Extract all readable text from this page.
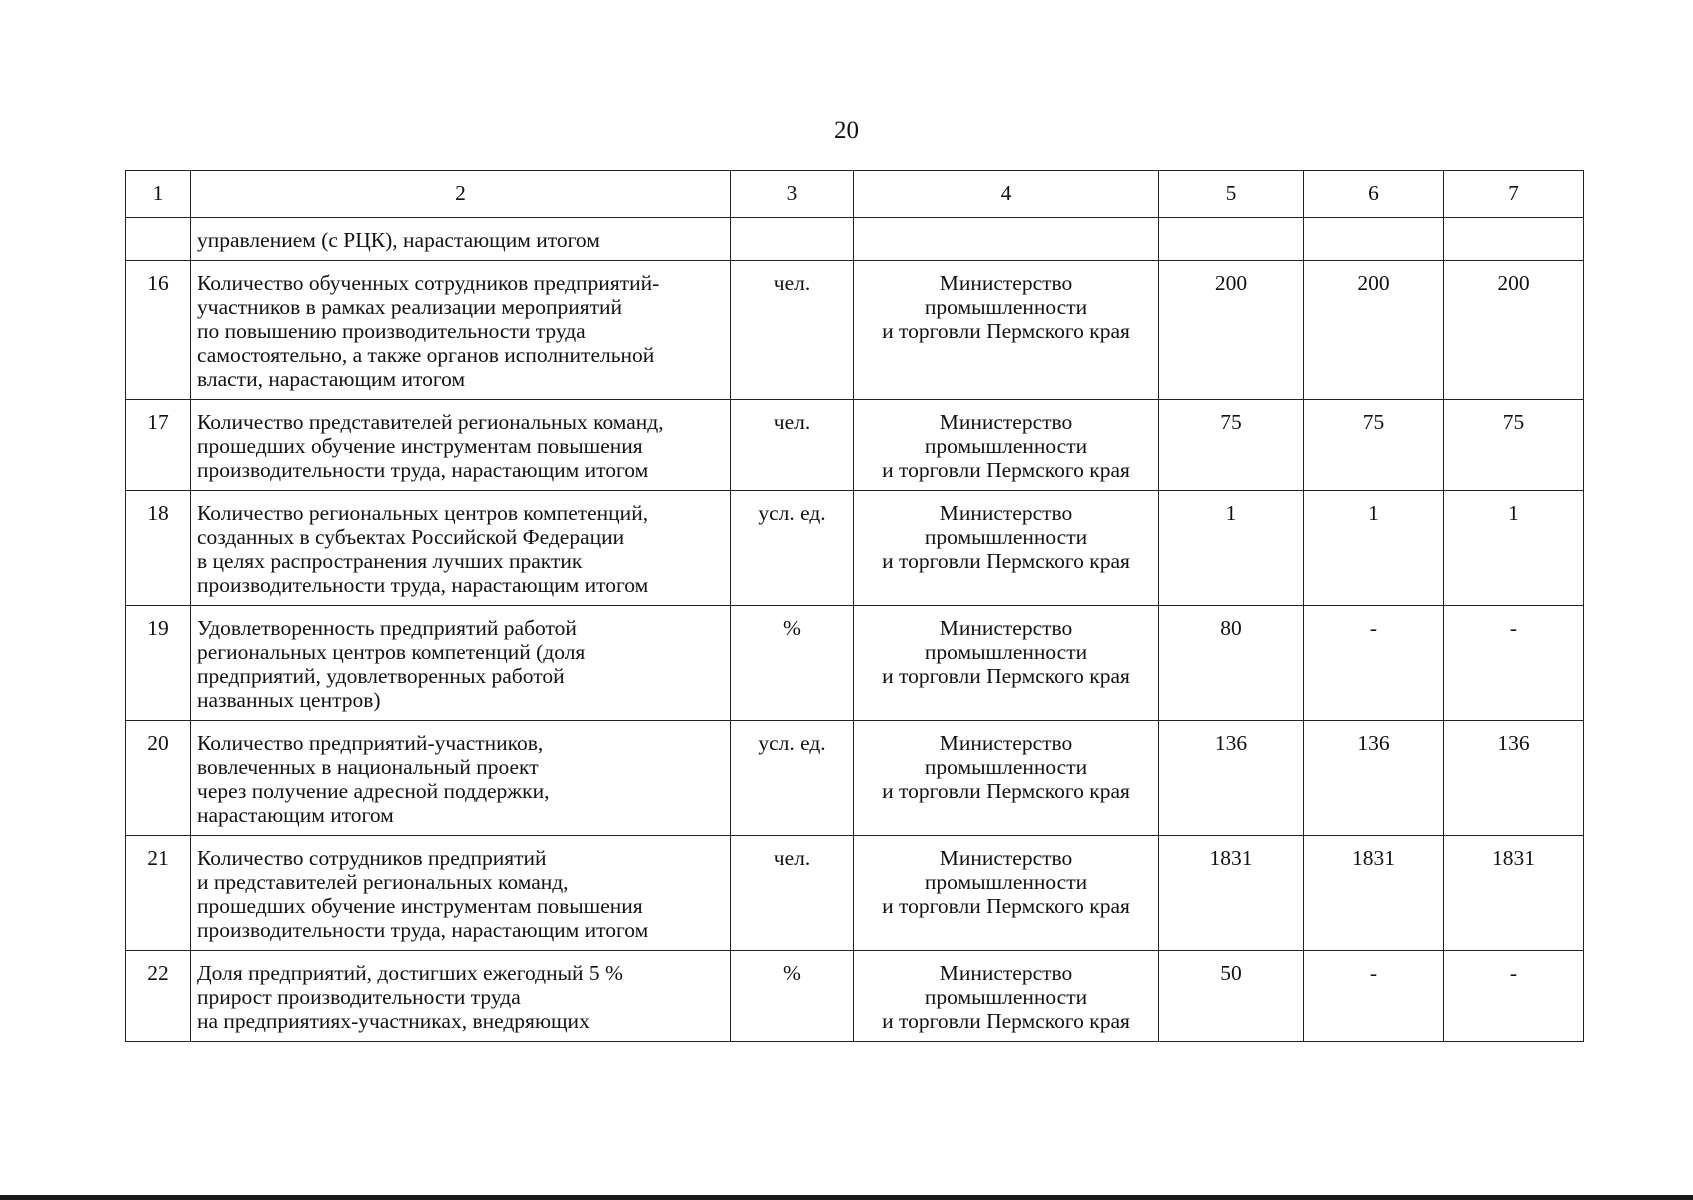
20
1	2	3	4	5	6	7

	управлением (с РЦК), нарастающим итогом					

16	Количество обученных сотрудников предприятий-
участников в рамках реализации мероприятий
по повышению производительности труда
самостоятельно, а также органов исполнительной
власти, нарастающим итогом	чел.	Министерство
промышленности
и торговли Пермского края	200	200	200
17	Количество представителей региональных команд,
прошедших обучение инструментам повышения
производительности труда, нарастающим итогом	чел.	Министерство
промышленности
и торговли Пермского края	75	75	75
18	Количество региональных центров компетенций,
созданных в субъектах Российской Федерации
в целях распространения лучших практик
производительности труда, нарастающим итогом	усл. ед.	Министерство
промышленности
и торговли Пермского края	1	1	1
19	Удовлетворенность предприятий работой
региональных центров компетенций (доля
предприятий, удовлетворенных работой
названных центров)	%	Министерство
промышленности
и торговли Пермского края	80	-	-
20	Количество предприятий-участников,
вовлеченных в национальный проект
через получение адресной поддержки,
нарастающим итогом	усл. ед.	Министерство
промышленности
и торговли Пермского края	136	136	136
21	Количество сотрудников предприятий
и представителей региональных команд,
прошедших обучение инструментам повышения
производительности труда, нарастающим итогом	чел.	Министерство
промышленности
и торговли Пермского края	1831	1831	1831
22	Доля предприятий, достигших ежегодный 5 %
прирост производительности труда
на предприятиях-участниках, внедряющих	%	Министерство
промышленности
и торговли Пермского края	50	-	-
